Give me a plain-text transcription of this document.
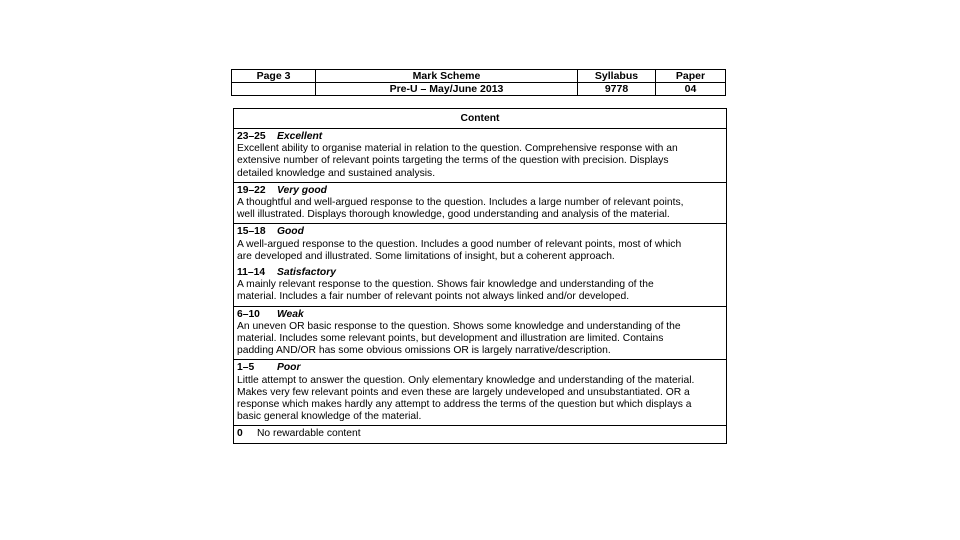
Page 3	Mark Scheme	Syllabus	Paper
	Pre-U – May/June 2013	9778	04
Content
23–25 Excellent
Excellent ability to organise material in relation to the question. Comprehensive response with an
extensive number of relevant points targeting the terms of the question with precision. Displays
detailed knowledge and sustained analysis.
19–22 Very good
A thoughtful and well-argued response to the question. Includes a large number of relevant points,
well illustrated. Displays thorough knowledge, good understanding and analysis of the material.
15–18 Good
A well-argued response to the question. Includes a good number of relevant points, most of which
are developed and illustrated. Some limitations of insight, but a coherent approach.
11–14 Satisfactory
A mainly relevant response to the question. Shows fair knowledge and understanding of the
material. Includes a fair number of relevant points not always linked and/or developed.
6–10 Weak
An uneven OR basic response to the question. Shows some knowledge and understanding of the
material. Includes some relevant points, but development and illustration are limited. Contains
padding AND/OR has some obvious omissions OR is largely narrative/description.
1–5 Poor
Little attempt to answer the question. Only elementary knowledge and understanding of the material.
Makes very few relevant points and even these are largely undeveloped and unsubstantiated. OR a
response which makes hardly any attempt to address the terms of the question but which displays a
basic general knowledge of the material.
0 No rewardable content
